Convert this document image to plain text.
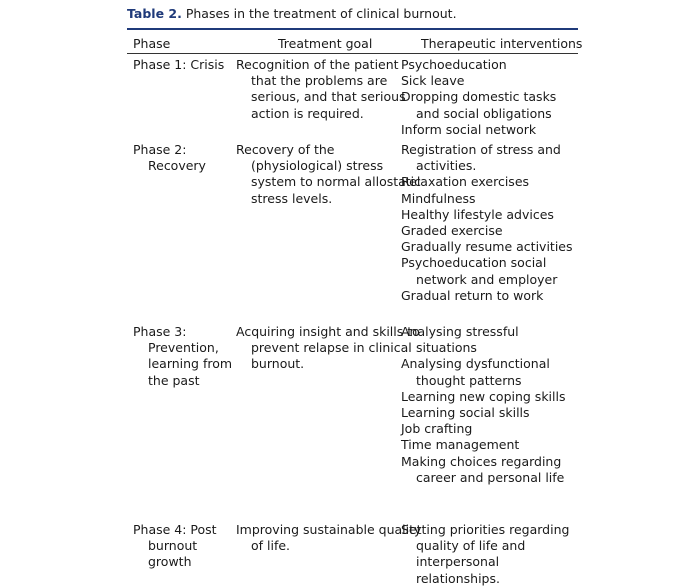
Table 2. Phases in the treatment of clinical burnout.
Phase	Treatment goal	Therapeutic interventions
Phase 1: Crisis Recognition of the patient that the problems are serious, and that serious action is required.
Psychoeducation
Sick leave
Dropping domestic tasks and social obligations
Inform social network
Phase 2: Recovery
Recovery of the (physiological) stress system to normal allostatic stress levels.
Registration of stress and activities.
Relaxation exercises
Mindfulness
Healthy lifestyle advices
Graded exercise
Gradually resume activities
Psychoeducation social network and employer
Gradual return to work
Phase 3: Prevention, learning from the past
Acquiring insight and skills to prevent relapse in clinical burnout.
Analysing stressful situations
Analysing dysfunctional thought patterns
Learning new coping skills
Learning social skills
Job crafting
Time management
Making choices regarding career and personal life
Phase 4: Post burnout growth
Improving sustainable quality of life.
Setting priorities regarding quality of life and interpersonal relationships.
